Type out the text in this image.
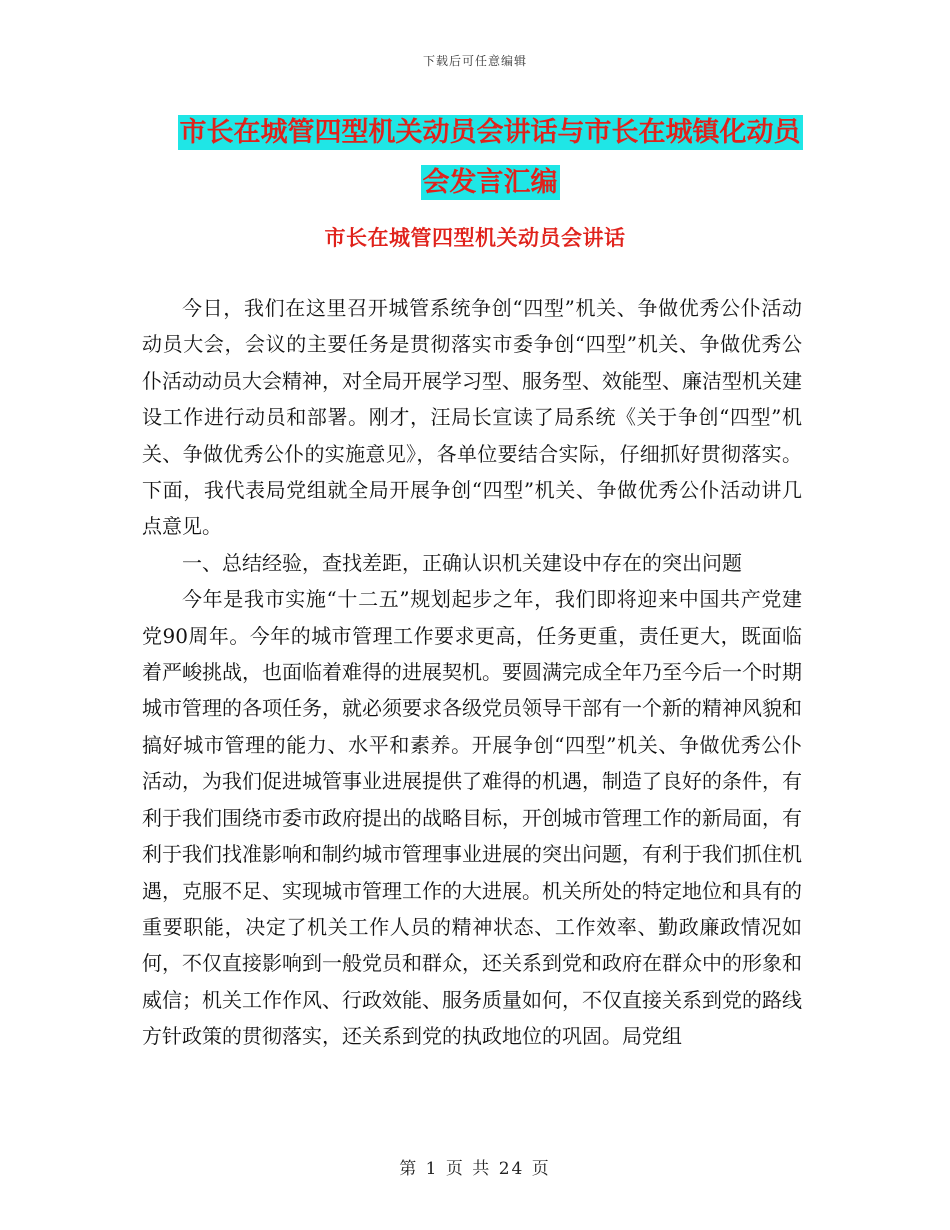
下载后可任意编辑
市长在城管四型机关动员会讲话与市长在城镇化动员
会发言汇编
市长在城管四型机关动员会讲话

今日，我们在这里召开城管系统争创“四型”机关、争做优秀公仆活动动员大会，会议的主要任务是贯彻落实市委争创“四型”机关、争做优秀公仆活动动员大会精神，对全局开展学习型、服务型、效能型、廉洁型机关建设工作进行动员和部署。刚才，汪局长宣读了局系统《关于争创“四型”机关、争做优秀公仆的实施意见》，各单位要结合实际，仔细抓好贯彻落实。下面，我代表局党组就全局开展争创“四型”机关、争做优秀公仆活动讲几点意见。

一、总结经验，查找差距，正确认识机关建设中存在的突出问题

今年是我市实施“十二五”规划起步之年，我们即将迎来中国共产党建党90周年。今年的城市管理工作要求更高，任务更重，责任更大，既面临着严峻挑战，也面临着难得的进展契机。要圆满完成全年乃至今后一个时期城市管理的各项任务，就必须要求各级党员领导干部有一个新的精神风貌和搞好城市管理的能力、水平和素养。开展争创“四型”机关、争做优秀公仆活动，为我们促进城管事业进展提供了难得的机遇，制造了良好的条件，有利于我们围绕市委市政府提出的战略目标，开创城市管理工作的新局面，有利于我们找准影响和制约城市管理事业进展的突出问题，有利于我们抓住机遇，克服不足、实现城市管理工作的大进展。机关所处的特定地位和具有的重要职能，决定了机关工作人员的精神状态、工作效率、勤政廉政情况如何，不仅直接影响到一般党员和群众，还关系到党和政府在群众中的形象和威信；机关工作作风、行政效能、服务质量如何，不仅直接关系到党的路线方针政策的贯彻落实，还关系到党的执政地位的巩固。局党组

第 1 页 共 24 页
